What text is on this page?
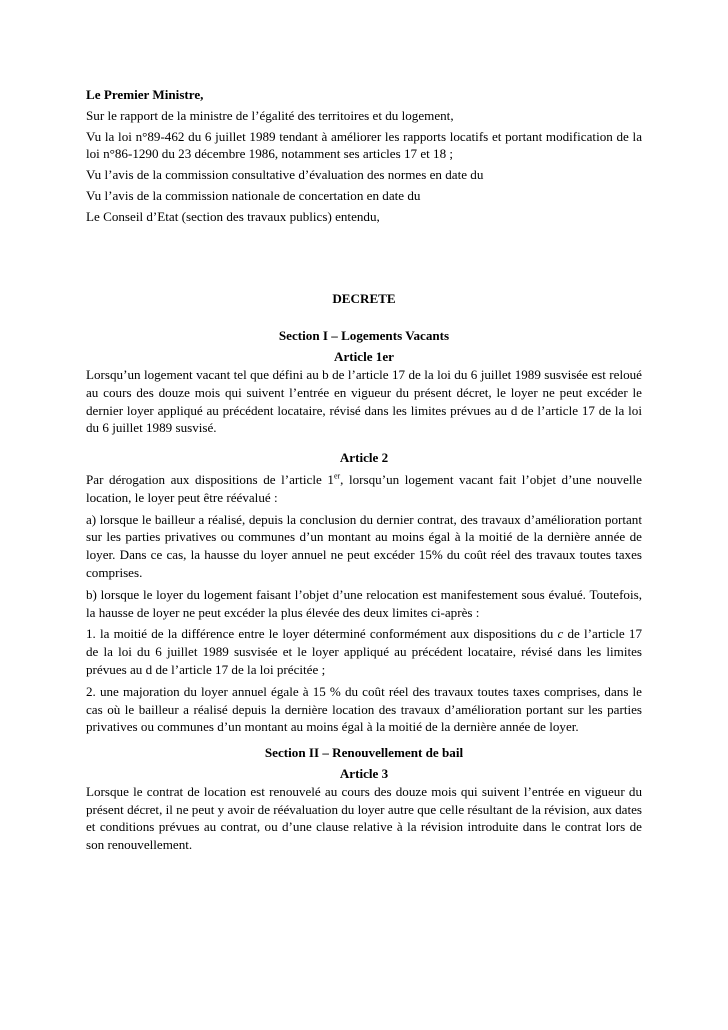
Le Premier Ministre,

Sur le rapport de la ministre de l’égalité des territoires et du logement,

Vu la loi n°89-462 du 6 juillet 1989 tendant à améliorer les rapports locatifs et portant modification de la loi n°86-1290 du 23 décembre 1986, notamment ses articles 17 et 18 ;

Vu l’avis de la commission consultative d’évaluation des normes en date du

Vu l’avis de la commission nationale de concertation en date du

Le Conseil d’Etat (section des travaux publics) entendu,

DECRETE

Section I – Logements Vacants

Article 1er

Lorsqu’un logement vacant tel que défini au b de l’article 17 de la loi du 6 juillet 1989 susvisée est reloué au cours des douze mois qui suivent l’entrée en vigueur du présent décret, le loyer ne peut excéder le dernier loyer appliqué au précédent locataire, révisé dans les limites prévues au d de l’article 17 de la loi du 6 juillet 1989 susvisé.

Article 2

Par dérogation aux dispositions de l’article 1er, lorsqu’un logement vacant fait l’objet d’une nouvelle location, le loyer peut être réévalué :

a) lorsque le bailleur a réalisé, depuis la conclusion du dernier contrat, des travaux d’amélioration portant sur les parties privatives ou communes d’un montant au moins égal à la moitié de la dernière année de loyer. Dans ce cas, la hausse du loyer annuel ne peut excéder 15% du coût réel des travaux toutes taxes comprises.

b) lorsque le loyer du logement faisant l’objet d’une relocation est manifestement sous évalué. Toutefois, la hausse de loyer ne peut excéder la plus élevée des deux limites ci-après :

1. la moitié de la différence entre le loyer déterminé conformément aux dispositions du c de l’article 17 de la loi du 6 juillet 1989 susvisée et le loyer appliqué au précédent locataire, révisé dans les limites prévues au d de l’article 17 de la loi précitée ;

2. une majoration du loyer annuel égale à 15 % du coût réel des travaux toutes taxes comprises, dans le cas où le bailleur a réalisé depuis la dernière location des travaux d’amélioration portant sur les parties privatives ou communes d’un montant au moins égal à la moitié de la dernière année de loyer.

Section II – Renouvellement de bail

Article 3

Lorsque le contrat de location est renouvelé au cours des douze mois qui suivent l’entrée en vigueur du présent décret, il ne peut y avoir de réévaluation du loyer autre que celle résultant de la révision, aux dates et conditions prévues au contrat, ou d’une clause relative à la révision introduite dans le contrat lors de son renouvellement.
